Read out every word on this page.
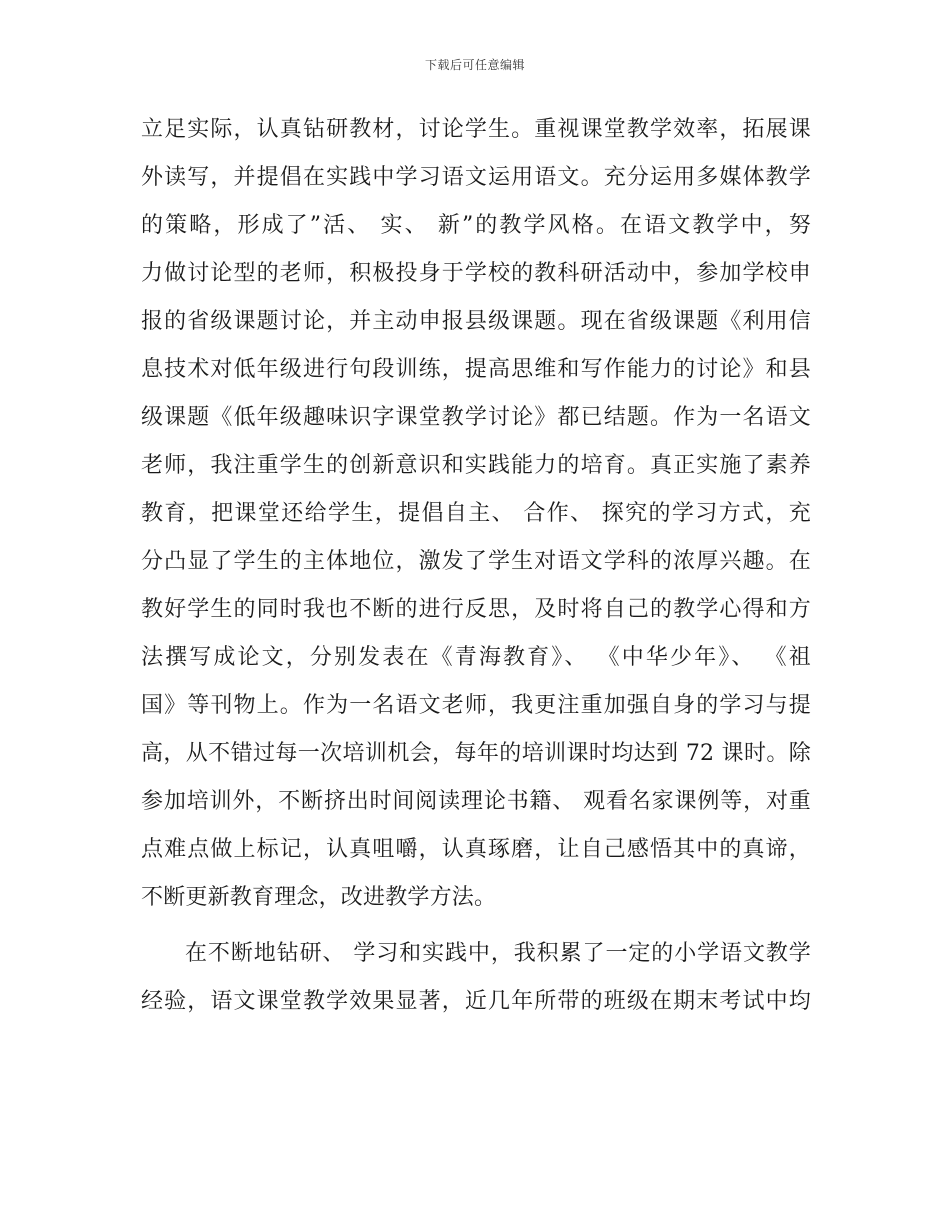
下载后可任意编辑
立足实际，认真钻研教材，讨论学生。重视课堂教学效率，拓展课
外读写，并提倡在实践中学习语文运用语文。充分运用多媒体教学
的策略，形成了”活、 实、 新”的教学风格。在语文教学中，努
力做讨论型的老师，积极投身于学校的教科研活动中，参加学校申
报的省级课题讨论，并主动申报县级课题。现在省级课题《利用信
息技术对低年级进行句段训练，提高思维和写作能力的讨论》和县
级课题《低年级趣味识字课堂教学讨论》都已结题。作为一名语文
老师，我注重学生的创新意识和实践能力的培育。真正实施了素养
教育，把课堂还给学生，提倡自主、 合作、 探究的学习方式，充
分凸显了学生的主体地位，激发了学生对语文学科的浓厚兴趣。在
教好学生的同时我也不断的进行反思，及时将自己的教学心得和方
法撰写成论文，分别发表在《青海教育》、 《中华少年》、 《祖
国》等刊物上。作为一名语文老师，我更注重加强自身的学习与提
高，从不错过每一次培训机会，每年的培训课时均达到 72 课时。除
参加培训外，不断挤出时间阅读理论书籍、 观看名家课例等，对重
点难点做上标记，认真咀嚼，认真琢磨，让自己感悟其中的真谛，
不断更新教育理念，改进教学方法。
在不断地钻研、 学习和实践中，我积累了一定的小学语文教学
经验，语文课堂教学效果显著，近几年所带的班级在期末考试中均
